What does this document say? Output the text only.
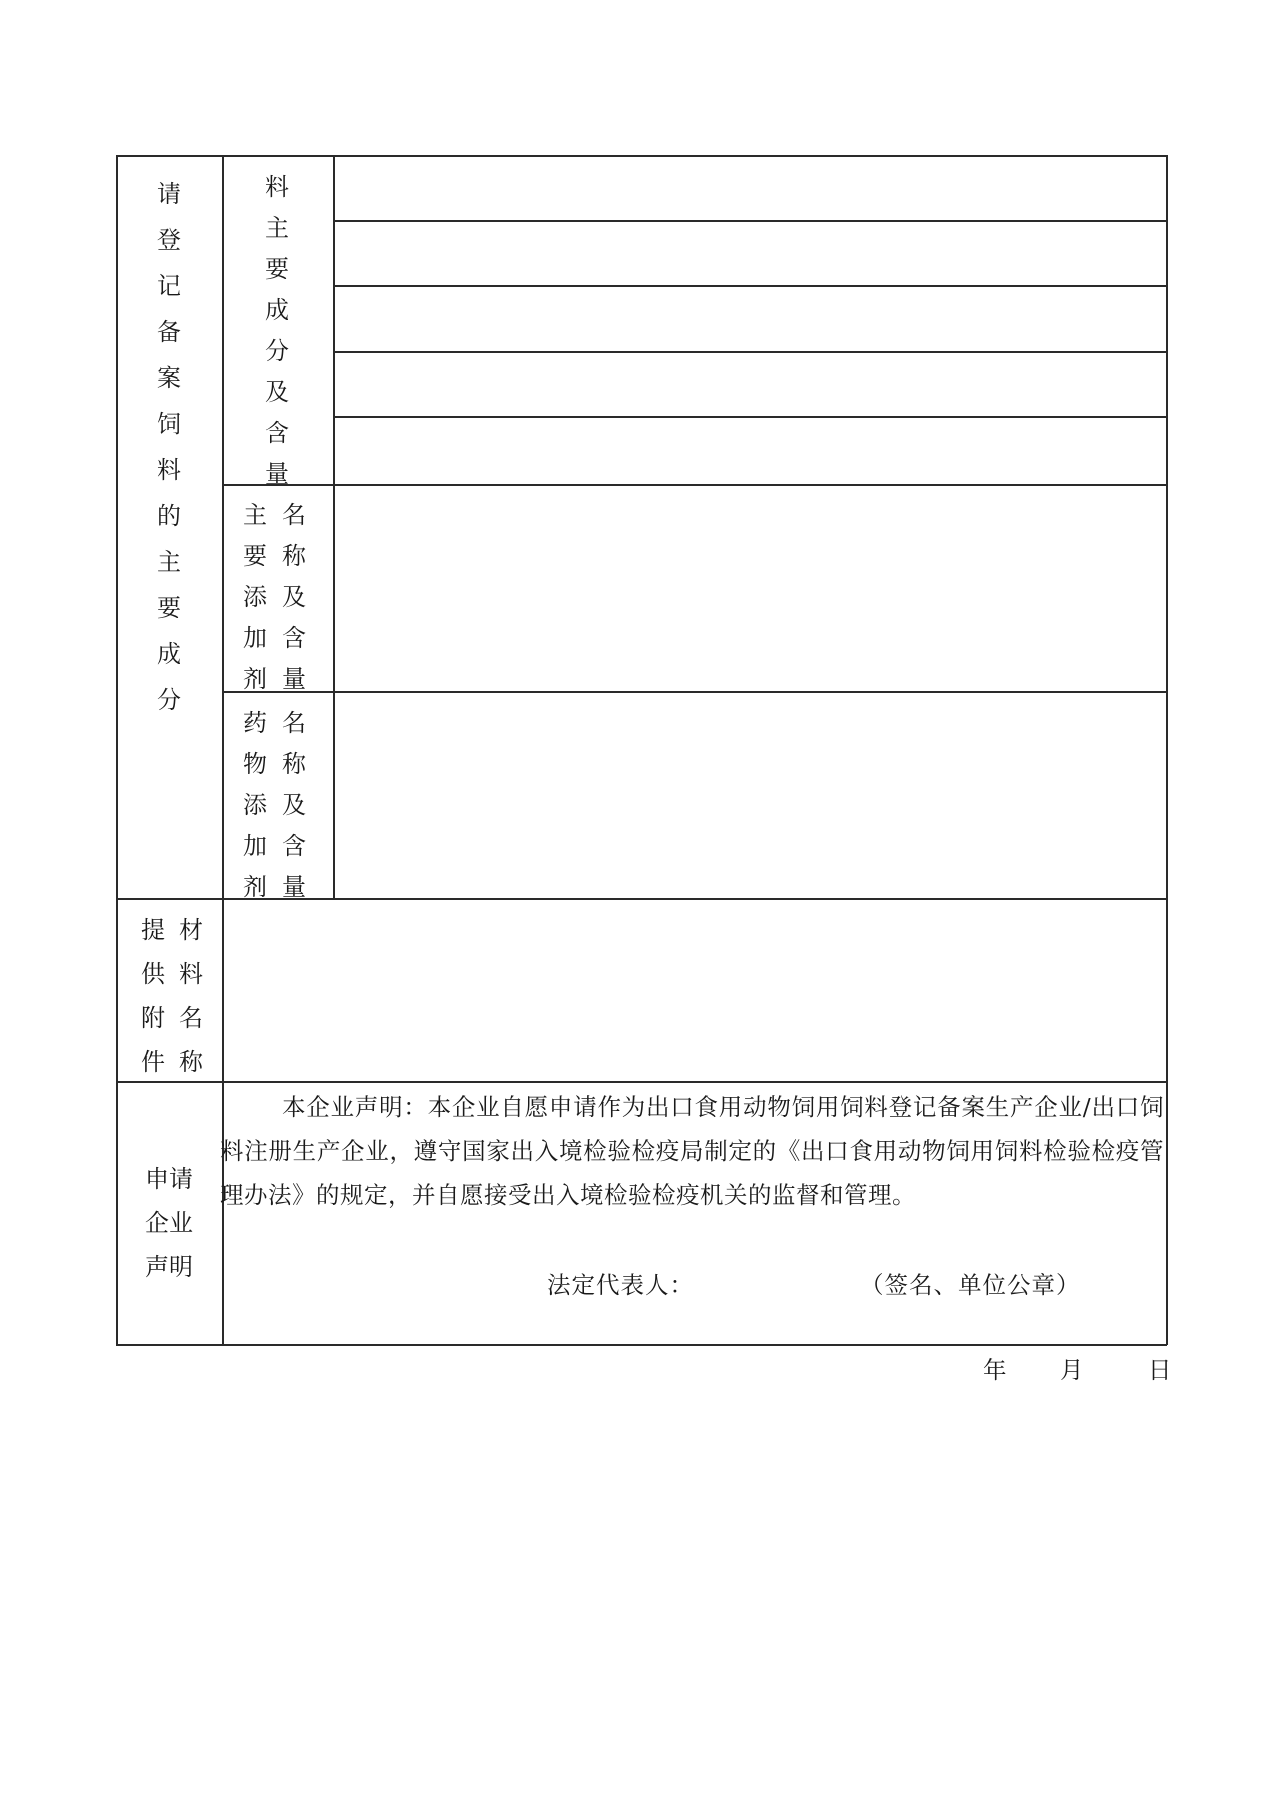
请
登
记
备
案
饲
料
的
主
要
成
分
料
主
要
成
分
及
含
量
主
要
添
加
剂
名
称
及
含
量
药
物
添
加
剂
名
称
及
含
量
提
供
附
件
材
料
名
称
申请
企业
声明
本企业声明：本企业自愿申请作为出口食用动物饲用饲料登记备案生产企业/出口饲料注册生产企业，遵守国家出入境检验检疫局制定的《出口食用动物饲用饲料检验检疫管理办法》的规定，并自愿接受出入境检验检疫机关的监督和管理。
法定代表人：	（签名、单位公章）
年 月	日
